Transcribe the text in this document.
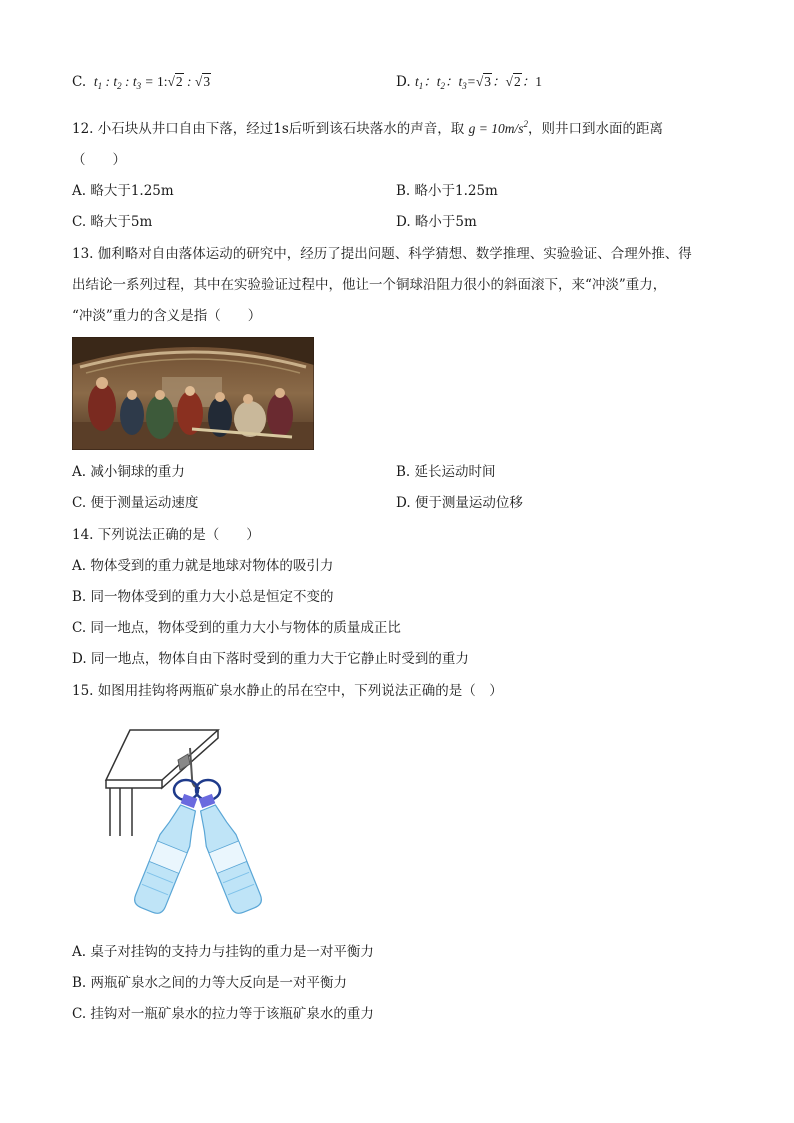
C.  $t_1$ : $t_2$ : $t_3$ = 1:√2 : √3	D. $t_1$：$t_2$：$t_3=√3$：√2：1
12. 小石块从井口自由下落，经过1s后听到该石块落水的声音，取 $g = 10m/s^2$，则井口到水面的距离
（　　）
A. 略大于1.25m	B. 略小于1.25m
C. 略大于5m	D. 略小于5m
13. 伽利略对自由落体运动的研究中，经历了提出问题、科学猜想、数学推理、实验验证、合理外推、得
出结论一系列过程，其中在实验验证过程中，他让一个铜球沿阻力很小的斜面滚下，来“冲淡”重力，
“冲淡”重力的含义是指（　　）
A. 减小铜球的重力	B. 延长运动时间
C. 便于测量运动速度	D. 便于测量运动位移
14. 下列说法正确的是（　　）
A. 物体受到的重力就是地球对物体的吸引力
B. 同一物体受到的重力大小总是恒定不变的
C. 同一地点，物体受到的重力大小与物体的质量成正比
D. 同一地点，物体自由下落时受到的重力大于它静止时受到的重力
15. 如图用挂钩将两瓶矿泉水静止的吊在空中，下列说法正确的是（　）
A. 桌子对挂钩的支持力与挂钩的重力是一对平衡力
B. 两瓶矿泉水之间的力等大反向是一对平衡力
C. 挂钩对一瓶矿泉水的拉力等于该瓶矿泉水的重力
